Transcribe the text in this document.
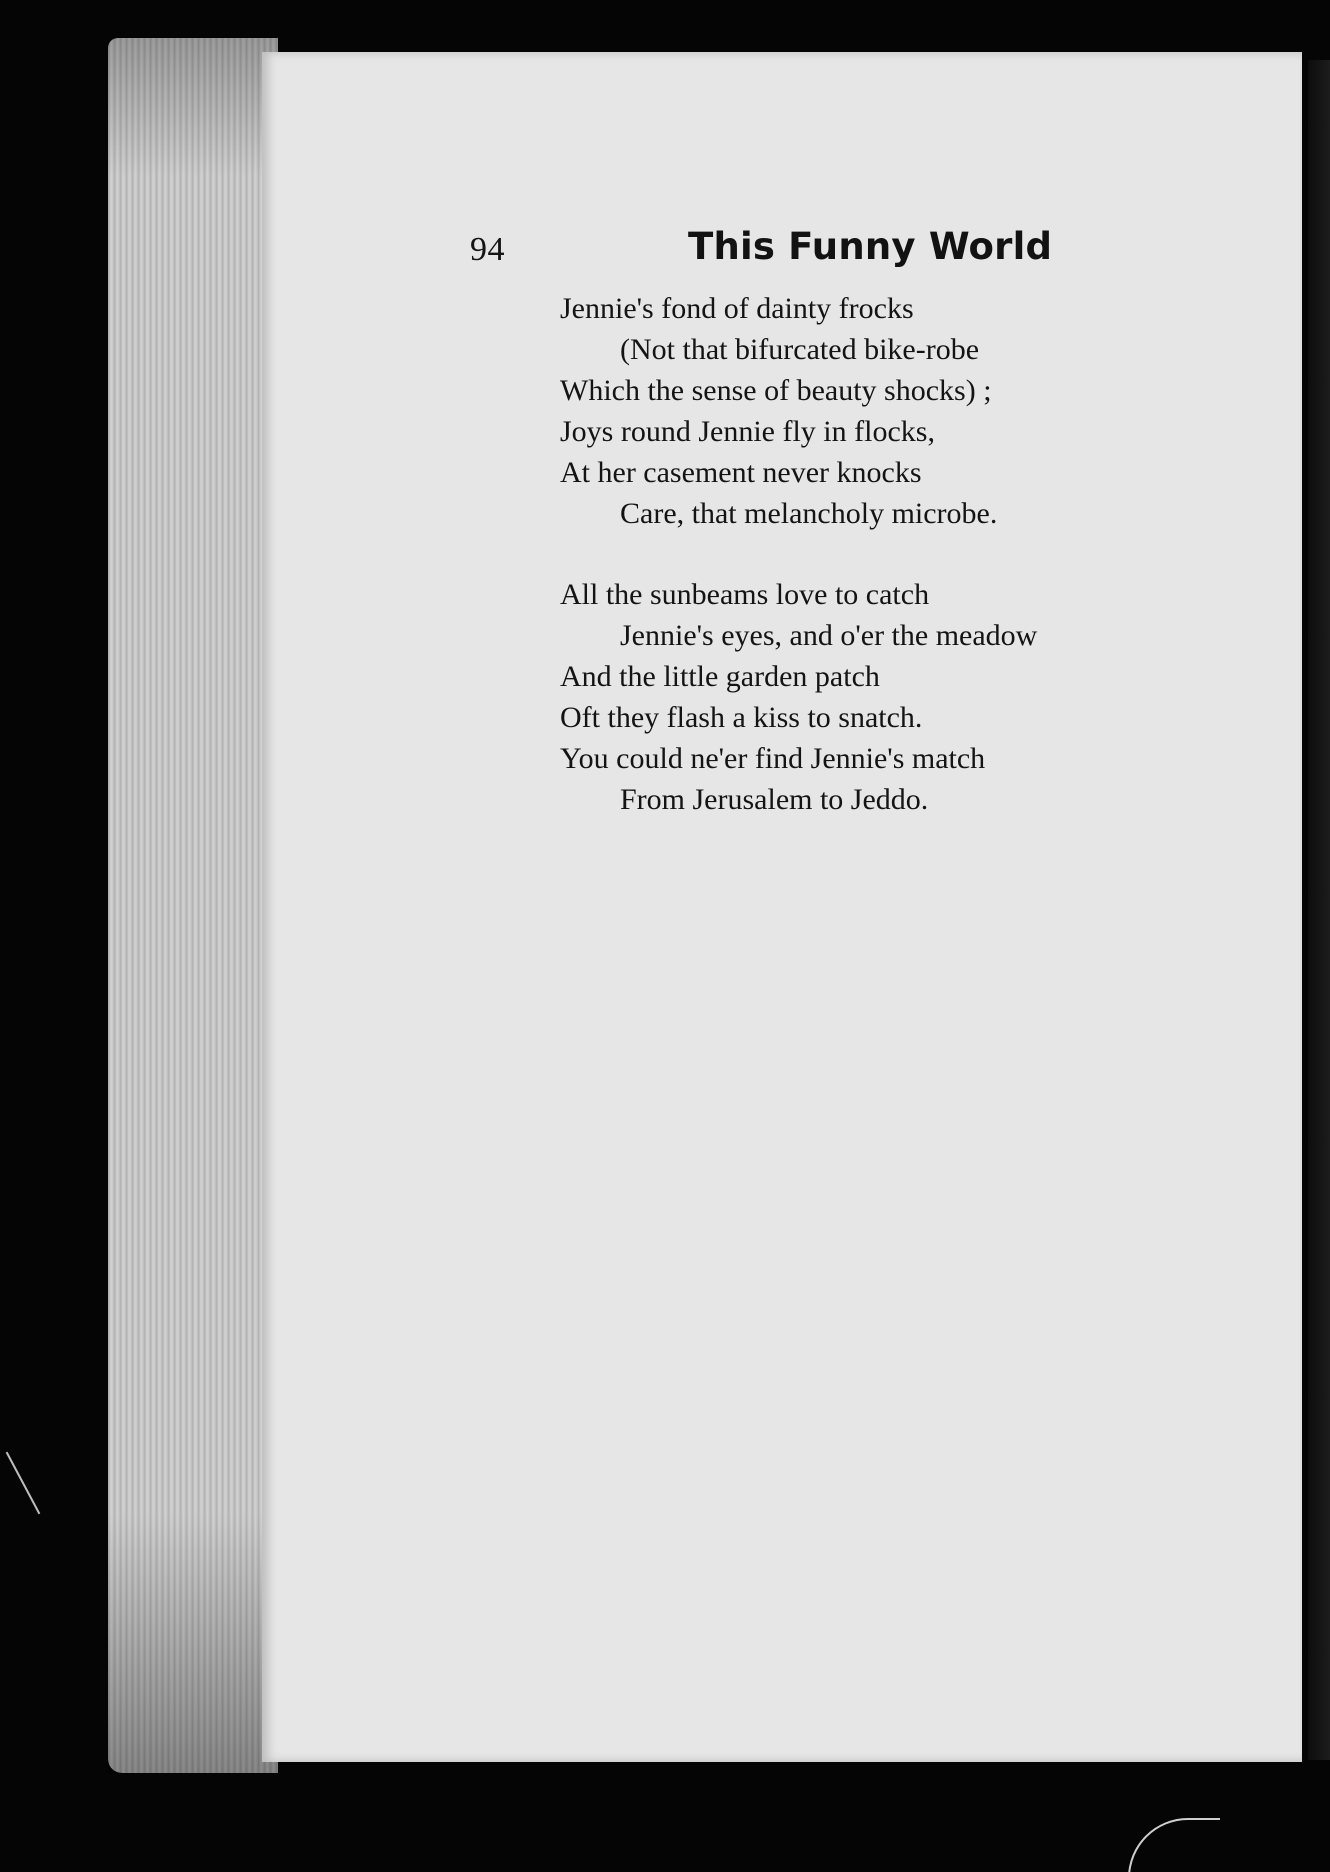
94	This Funny World
Jennie's fond of dainty frocks
(Not that bifurcated bike-robe
Which the sense of beauty shocks) ;
Joys round Jennie fly in flocks,
At her casement never knocks
Care, that melancholy microbe.
All the sunbeams love to catch
Jennie's eyes, and o'er the meadow
And the little garden patch
Oft they flash a kiss to snatch.
You could ne'er find Jennie's match
From Jerusalem to Jeddo.
